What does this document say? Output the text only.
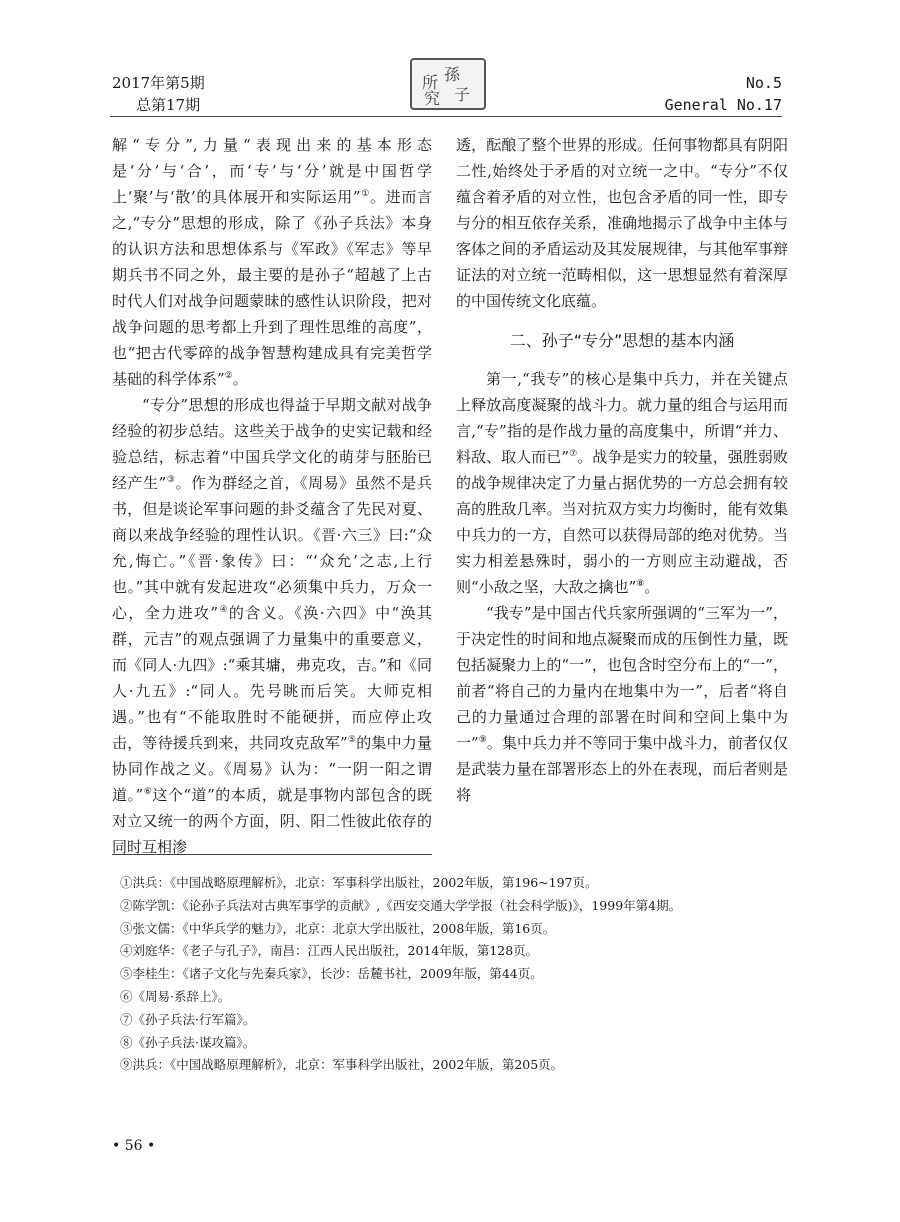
2017年第5期
总第17期
所 孫
究 子
No.5
General No.17

解“专分”,力量“表现出来的基本形态是‘分’与‘合’，而‘专’与‘分’就是中国哲学上‘聚’与‘散’的具体展开和实际运用”①。进而言之,“专分”思想的形成，除了《孙子兵法》本身的认识方法和思想体系与《军政》《军志》等早期兵书不同之外，最主要的是孙子“超越了上古时代人们对战争问题蒙昧的感性认识阶段，把对战争问题的思考都上升到了理性思维的高度”，也“把古代零碎的战争智慧构建成具有完美哲学基础的科学体系”②。

“专分”思想的形成也得益于早期文献对战争经验的初步总结。这些关于战争的史实记载和经验总结，标志着“中国兵学文化的萌芽与胚胎已经产生”③。作为群经之首，《周易》虽然不是兵书，但是谈论军事问题的卦爻蕴含了先民对夏、商以来战争经验的理性认识。《晋·六三》曰:“众允,悔亡。”《晋·象传》曰：“‘众允’之志,上行也。”其中就有发起进攻“必须集中兵力，万众一心，全力进攻”④的含义。《涣·六四》中“涣其群，元吉”的观点强调了力量集中的重要意义，而《同人·九四》:“乘其墉，弗克攻，吉。”和《同人·九五》:“同人。先号眺而后笑。大师克相遇。”也有“不能取胜时不能硬拼，而应停止攻击，等待援兵到来，共同攻克敌军”⑤的集中力量协同作战之义。《周易》认为：“一阴一阳之谓道。”⑥这个“道”的本质，就是事物内部包含的既对立又统一的两个方面，阴、阳二性彼此依存的同时互相渗

透，酝酿了整个世界的形成。任何事物都具有阴阳二性,始终处于矛盾的对立统一之中。“专分”不仅蕴含着矛盾的对立性，也包含矛盾的同一性，即专与分的相互依存关系，准确地揭示了战争中主体与客体之间的矛盾运动及其发展规律，与其他军事辩证法的对立统一范畴相似，这一思想显然有着深厚的中国传统文化底蕴。

二、孙子“专分”思想的基本内涵

第一,“我专”的核心是集中兵力，并在关键点上释放高度凝聚的战斗力。就力量的组合与运用而言,“专”指的是作战力量的高度集中，所谓“并力、料敌、取人而已”⑦。战争是实力的较量，强胜弱败的战争规律决定了力量占据优势的一方总会拥有较高的胜敌几率。当对抗双方实力均衡时，能有效集中兵力的一方，自然可以获得局部的绝对优势。当实力相差悬殊时，弱小的一方则应主动避战，否则“小敌之坚，大敌之擒也”⑧。

“我专”是中国古代兵家所强调的“三军为一”，于决定性的时间和地点凝聚而成的压倒性力量，既包括凝聚力上的“一”，也包含时空分布上的“一”，前者“将自己的力量内在地集中为一”，后者“将自己的力量通过合理的部署在时间和空间上集中为一”⑨。集中兵力并不等同于集中战斗力，前者仅仅是武装力量在部署形态上的外在表现，而后者则是将

①洪兵：《中国战略原理解析》，北京：军事科学出版社，2002年版，第196~197页。
②陈学凯：《论孙子兵法对古典军事学的贡献》,《西安交通大学学报（社会科学版)》，1999年第4期。
③张文儒：《中华兵学的魅力》，北京：北京大学出版社，2008年版，第16页。
④刘庭华：《老子与孔子》，南昌：江西人民出版社，2014年版，第128页。
⑤李桂生：《诸子文化与先秦兵家》，长沙：岳麓书社，2009年版，第44页。
⑥《周易·系辞上》。
⑦《孙子兵法·行军篇》。
⑧《孙子兵法·谋攻篇》。
⑨洪兵：《中国战略原理解析》，北京：军事科学出版社，2002年版，第205页。
• 56 •
